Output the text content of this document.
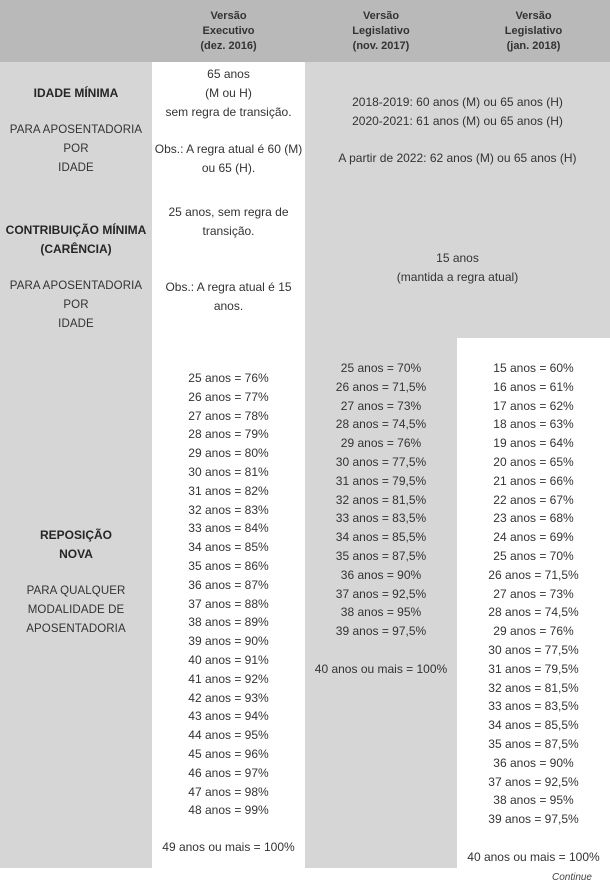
Versão
Executivo
(dez. 2016)
Versão
Legislativo
(nov. 2017)
Versão
Legislativo
(jan. 2018)
IDADE MÍNIMA
PARA APOSENTADORIA POR
IDADE
65 anos
(M ou H)
sem regra de transição.
Obs.: A regra atual é 60 (M)
ou 65 (H).
2018-2019: 60 anos (M) ou 65 anos (H)
2020-2021: 61 anos (M) ou 65 anos (H)
A partir de 2022: 62 anos (M) ou 65 anos (H)
CONTRIBUIÇÃO MÍNIMA
(CARÊNCIA)
PARA APOSENTADORIA POR
IDADE
25 anos, sem regra de
transição.
Obs.: A regra atual é 15
anos.
15 anos
(mantida a regra atual)
REPOSIÇÃO
NOVA
PARA QUALQUER
MODALIDADE DE
APOSENTADORIA
25 anos = 76%
26 anos = 77%
27 anos = 78%
28 anos = 79%
29 anos = 80%
30 anos = 81%
31 anos = 82%
32 anos = 83%
33 anos = 84%
34 anos = 85%
35 anos = 86%
36 anos = 87%
37 anos = 88%
38 anos = 89%
39 anos = 90%
40 anos = 91%
41 anos = 92%
42 anos = 93%
43 anos = 94%
44 anos = 95%
45 anos = 96%
46 anos = 97%
47 anos = 98%
48 anos = 99%
49 anos ou mais = 100%
25 anos = 70%
26 anos = 71,5%
27 anos = 73%
28 anos = 74,5%
29 anos = 76%
30 anos = 77,5%
31 anos = 79,5%
32 anos = 81,5%
33 anos = 83,5%
34 anos = 85,5%
35 anos = 87,5%
36 anos = 90%
37 anos = 92,5%
38 anos = 95%
39 anos = 97,5%
40 anos ou mais = 100%
15 anos = 60%
16 anos = 61%
17 anos = 62%
18 anos = 63%
19 anos = 64%
20 anos = 65%
21 anos = 66%
22 anos = 67%
23 anos = 68%
24 anos = 69%
25 anos = 70%
26 anos = 71,5%
27 anos = 73%
28 anos = 74,5%
29 anos = 76%
30 anos = 77,5%
31 anos = 79,5%
32 anos = 81,5%
33 anos = 83,5%
34 anos = 85,5%
35 anos = 87,5%
36 anos = 90%
37 anos = 92,5%
38 anos = 95%
39 anos = 97,5%
40 anos ou mais = 100%
Continue
